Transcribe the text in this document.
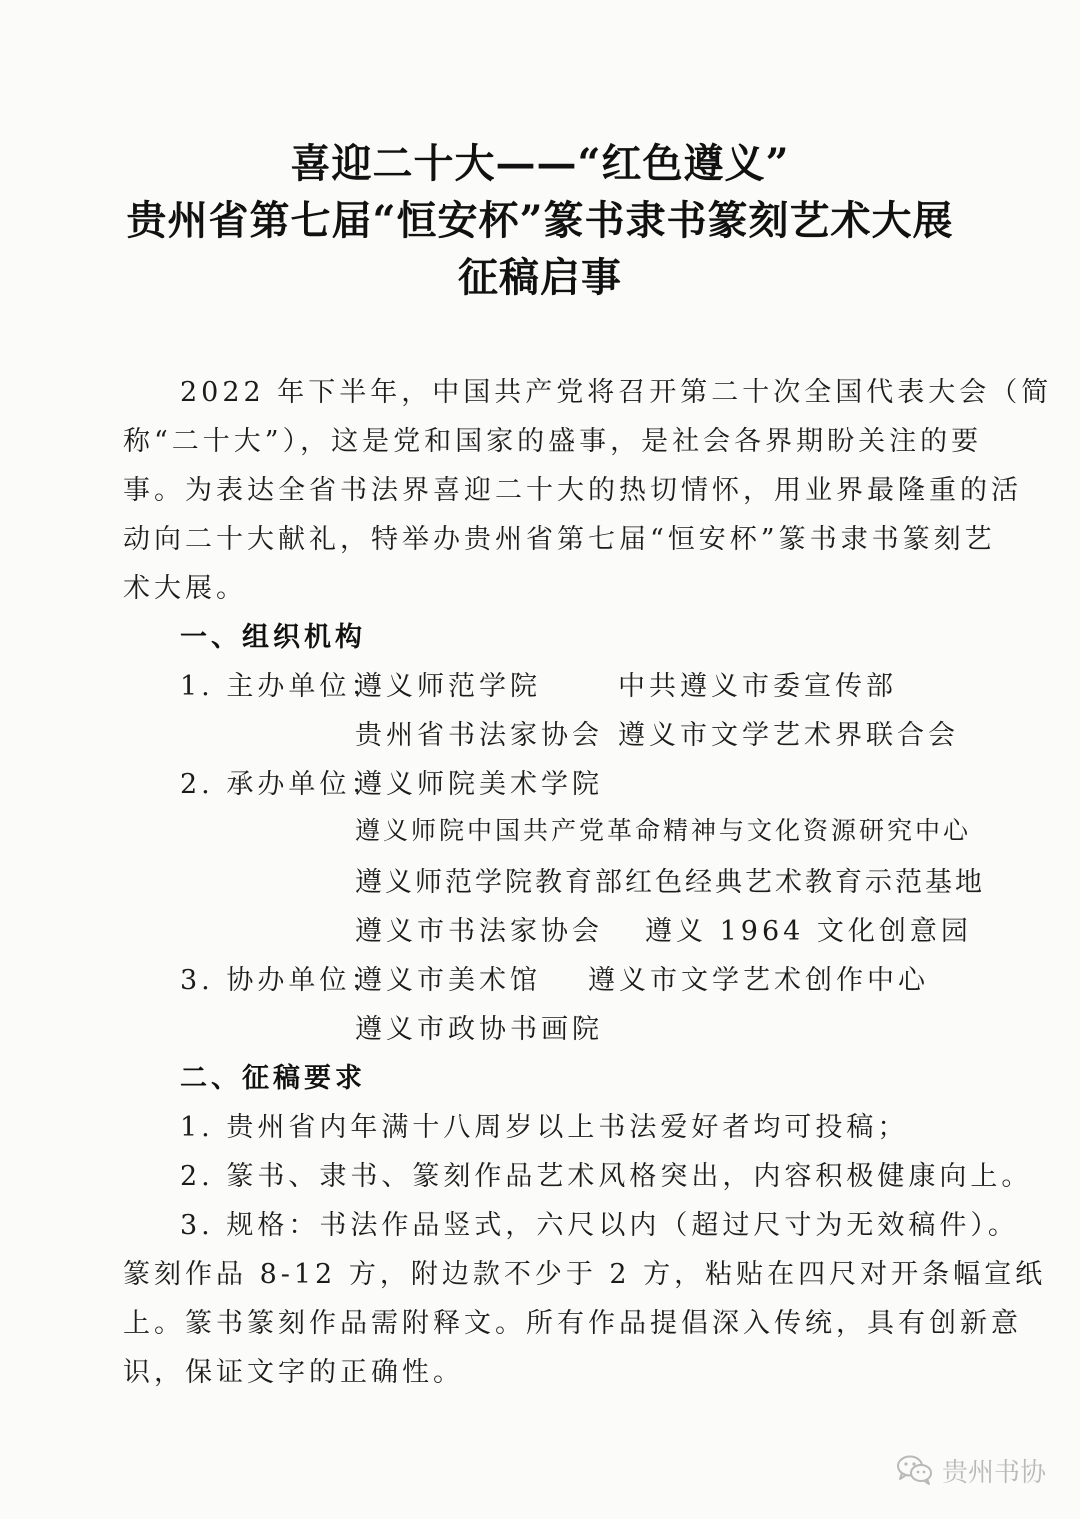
喜迎二十大——“红色遵义”
贵州省第七届“恒安杯”篆书隶书篆刻艺术大展
征稿启事
2022 年下半年，中国共产党将召开第二十次全国代表大会（简
称“二十大”），这是党和国家的盛事，是社会各界期盼关注的要
事。为表达全省书法界喜迎二十大的热切情怀，用业界最隆重的活
动向二十大献礼，特举办贵州省第七届“恒安杯”篆书隶书篆刻艺
术大展。
一、组织机构
1. 主办单位：
遵义师范学院	中共遵义市委宣传部
贵州省书法家协会 遵义市文学艺术界联合会
2. 承办单位：
遵义师院美术学院
遵义师院中国共产党革命精神与文化资源研究中心
遵义师范学院教育部红色经典艺术教育示范基地
遵义市书法家协会 遵义 1964 文化创意园
3. 协办单位：
遵义市美术馆 遵义市文学艺术创作中心
遵义市政协书画院
二、征稿要求
1. 贵州省内年满十八周岁以上书法爱好者均可投稿；
2. 篆书、隶书、篆刻作品艺术风格突出，内容积极健康向上。
3. 规格：书法作品竖式，六尺以内（超过尺寸为无效稿件）。
篆刻作品 8-12 方，附边款不少于 2 方，粘贴在四尺对开条幅宣纸
上。篆书篆刻作品需附释文。所有作品提倡深入传统，具有创新意
识，保证文字的正确性。
贵州书协
